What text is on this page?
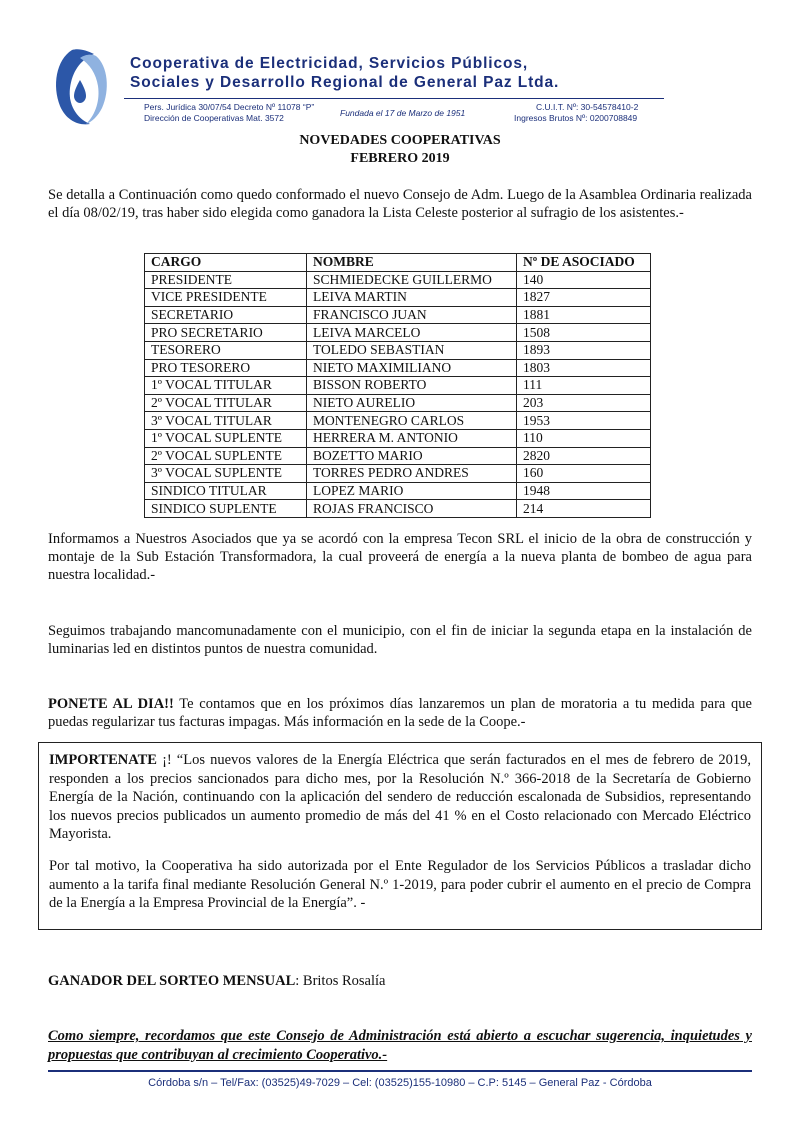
Cooperativa de Electricidad, Servicios Públicos,
Sociales y Desarrollo Regional de General Paz Ltda.
Pers. Jurídica 30/07/54 Decreto Nº 11078 “P”
Dirección de Cooperativas Mat. 3572	Fundada el 17 de Marzo de 1951
C.U.I.T. Nº: 30-54578410-2
Ingresos Brutos Nº: 0200708849
NOVEDADES COOPERATIVAS
FEBRERO 2019

Se detalla a Continuación como quedo conformado el nuevo Consejo de Adm. Luego de la Asamblea Ordinaria realizada el día 08/02/19, tras haber sido elegida como ganadora la Lista Celeste posterior al sufragio de los asistentes.-

CARGO	NOMBRE	Nº DE ASOCIADO
PRESIDENTE	SCHMIEDECKE GUILLERMO	140
VICE PRESIDENTE	LEIVA MARTIN	1827
SECRETARIO	FRANCISCO JUAN	1881
PRO SECRETARIO	LEIVA MARCELO	1508
TESORERO	TOLEDO SEBASTIAN	1893
PRO TESORERO	NIETO MAXIMILIANO	1803
1º VOCAL TITULAR	BISSON ROBERTO	111
2º VOCAL TITULAR	NIETO AURELIO	203
3º VOCAL TITULAR	MONTENEGRO CARLOS	1953
1º VOCAL SUPLENTE	HERRERA M. ANTONIO	110
2º VOCAL SUPLENTE	BOZETTO MARIO	2820
3º VOCAL SUPLENTE	TORRES PEDRO ANDRES	160
SINDICO TITULAR	LOPEZ MARIO	1948
SINDICO SUPLENTE	ROJAS FRANCISCO	214

Informamos a Nuestros Asociados que ya se acordó con la empresa Tecon SRL el inicio de la obra de construcción y montaje de la Sub Estación Transformadora, la cual proveerá de energía a la nueva planta de bombeo de agua para nuestra localidad.-

Seguimos trabajando mancomunadamente con el municipio, con el fin de iniciar la segunda etapa en la instalación de luminarias led en distintos puntos de nuestra comunidad.

PONETE AL DIA!! Te contamos que en los próximos días lanzaremos un plan de moratoria a tu medida para que puedas regularizar tus facturas impagas. Más información en la sede de la Coope.-

IMPORTENATE ¡! “Los nuevos valores de la Energía Eléctrica que serán facturados en el mes de febrero de 2019, responden a los precios sancionados para dicho mes, por la Resolución N.º 366-2018 de la Secretaría de Gobierno Energía de la Nación, continuando con la aplicación del sendero de reducción escalonada de Subsidios, representando los nuevos precios publicados un aumento promedio de más del 41 % en el Costo relacionado con Mercado Eléctrico Mayorista.

Por tal motivo, la Cooperativa ha sido autorizada por el Ente Regulador de los Servicios Públicos a trasladar dicho aumento a la tarifa final mediante Resolución General N.º 1-2019, para poder cubrir el aumento en el precio de Compra de la Energía a la Empresa Provincial de la Energía”. -

GANADOR DEL SORTEO MENSUAL: Britos Rosalía

Como siempre, recordamos que este Consejo de Administración está abierto a escuchar sugerencia, inquietudes y propuestas que contribuyan al crecimiento Cooperativo.-

Córdoba s/n – Tel/Fax: (03525)49-7029 – Cel: (03525)155-10980 – C.P: 5145 – General Paz - Córdoba
